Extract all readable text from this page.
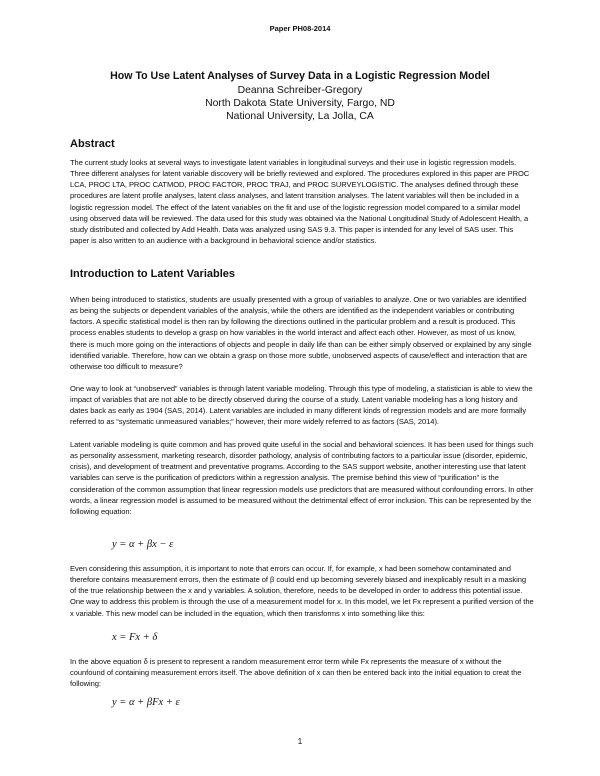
Paper PH08-2014
How To Use Latent Analyses of Survey Data in a Logistic Regression Model
Deanna Schreiber-Gregory
North Dakota State University, Fargo, ND
National University, La Jolla, CA
Abstract

The current study looks at several ways to investigate latent variables in longitudinal surveys and their use in logistic regression models. Three different analyses for latent variable discovery will be briefly reviewed and explored. The procedures explored in this paper are PROC LCA, PROC LTA, PROC CATMOD, PROC FACTOR, PROC TRAJ, and PROC SURVEYLOGISTIC. The analyses defined through these procedures are latent profile analyses, latent class analyses, and latent transition analyses. The latent variables will then be included in a logistic regression model. The effect of the latent variables on the fit and use of the logistic regression model compared to a similar model using observed data will be reviewed. The data used for this study was obtained via the National Longitudinal Study of Adolescent Health, a study distributed and collected by Add Health. Data was analyzed using SAS 9.3. This paper is intended for any level of SAS user. This paper is also written to an audience with a background in behavioral science and/or statistics.

Introduction to Latent Variables

When being introduced to statistics, students are usually presented with a group of variables to analyze. One or two variables are identified as being the subjects or dependent variables of the analysis, while the others are identified as the independent variables or contributing factors. A specific statistical model is then ran by following the directions outlined in the particular problem and a result is produced. This process enables students to develop a grasp on how variables in the world interact and affect each other. However, as most of us know, there is much more going on the interactions of objects and people in daily life than can be either simply observed or explained by any single identified variable. Therefore, how can we obtain a grasp on those more subtle, unobserved aspects of cause/effect and interaction that are otherwise too difficult to measure?

One way to look at “unobserved” variables is through latent variable modeling. Through this type of modeling, a statistician is able to view the impact of variables that are not able to be directly observed during the course of a study. Latent variable modeling has a long history and dates back as early as 1904 (SAS, 2014). Latent variables are included in many different kinds of regression models and are more formally referred to as “systematic unmeasured variables;” however, their more widely referred to as factors (SAS, 2014).

Latent variable modeling is quite common and has proved quite useful in the social and behavioral sciences. It has been used for things such as personality assessment, marketing research, disorder pathology, analysis of contributing factors to a particular issue (disorder, epidemic, crisis), and development of treatment and preventative programs. According to the SAS support website, another interesting use that latent variables can serve is the purification of predictors within a regression analysis. The premise behind this view of “purification” is the consideration of the common assumption that linear regression models use predictors that are measured without confounding errors. In other words, a linear regression model is assumed to be measured without the detrimental effect of error inclusion. This can be represented by the following equation:

y = α + βx − ε

Even considering this assumption, it is important to note that errors can occur. If, for example, x had been somehow contaminated and therefore contains measurement errors, then the estimate of β could end up becoming severely biased and inexplicably result in a masking of the true relationship between the x and y variables. A solution, therefore, needs to be developed in order to address this potential issue. One way to address this problem is through the use of a measurement model for x. In this model, we let Fx represent a purified version of the x variable. This new model can be included in the equation, which then transforms x into something like this:

x = Fx + δ

In the above equation δ is present to represent a random measurement error term while Fx represents the measure of x without the counfound of containing measurement errors itself. The above definition of x can then be entered back into the initial equation to creat the following:

y = α + βFx + ε
1
